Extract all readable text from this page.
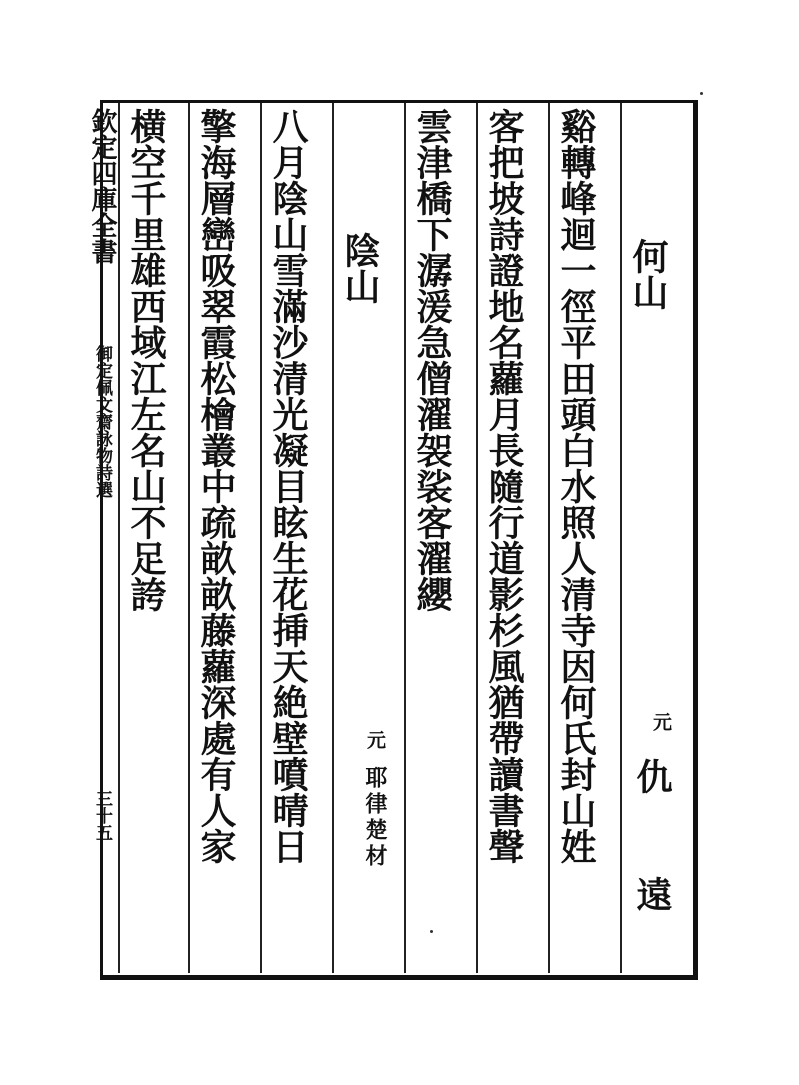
欽定四庫全書
御定佩文齋詠物詩選
三十五
何山
元
仇 遠
谿轉峰迴一徑平田頭白水照人清寺因何氏封山姓
客把坡詩證地名蘿月長隨行道影杉風猶帶讀書聲
雲津橋下潺湲急僧濯袈裟客濯纓
陰山
元
耶律楚材
八月陰山雪滿沙清光凝目眩生花挿天絶壁噴晴日
擎海層巒吸翠霞松檜叢中疏畝畝藤蘿深處有人家
横空千里雄西域江左名山不足誇
